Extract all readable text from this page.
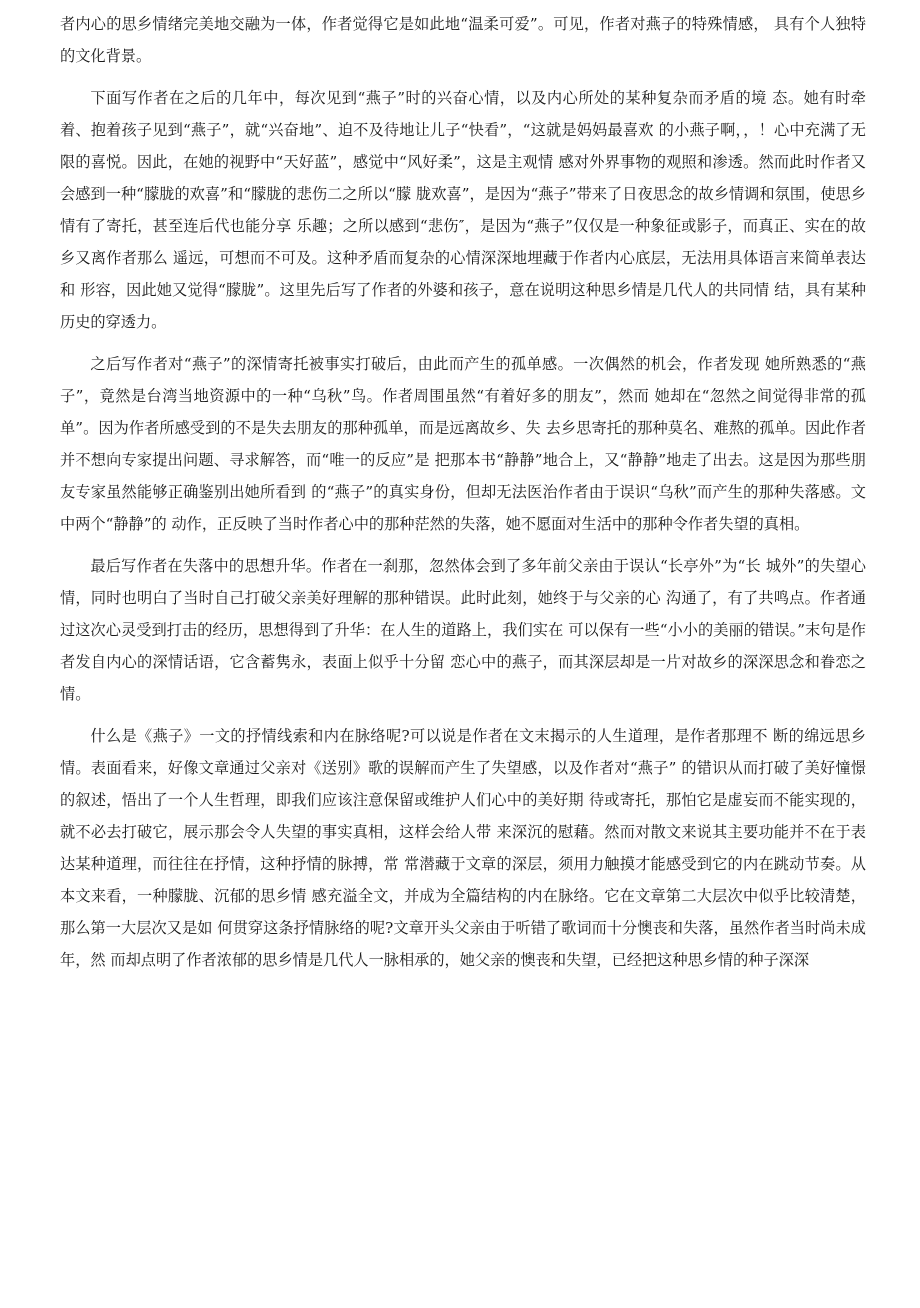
者内心的思乡情绪完美地交融为一体，作者觉得它是如此地“温柔可爱”。可见，作者对燕子的特殊情感， 具有个人独特的文化背景。

下面写作者在之后的几年中，每次见到“燕子”时的兴奋心情，以及内心所处的某种复杂而矛盾的境 态。她有时牵着、抱着孩子见到“燕子”，就“兴奋地”、迫不及待地让儿子“快看”，“这就是妈妈最喜欢 的小燕子啊，，！心中充满了无限的喜悦。因此，在她的视野中“天好蓝”，感觉中“风好柔”，这是主观情 感对外界事物的观照和渗透。然而此时作者又会感到一种“朦胧的欢喜”和“朦胧的悲伤二之所以“朦 胧欢喜”，是因为“燕子”带来了日夜思念的故乡情调和氛围，使思乡情有了寄托，甚至连后代也能分享 乐趣；之所以感到“悲伤″，是因为“燕子”仅仅是一种象征或影子，而真正、实在的故乡又离作者那么 遥远，可想而不可及。这种矛盾而复杂的心情深深地埋藏于作者内心底层，无法用具体语言来简单表达和 形容，因此她又觉得“朦胧”。这里先后写了作者的外婆和孩子，意在说明这种思乡情是几代人的共同情 结，具有某种历史的穿透力。

之后写作者对“燕子”的深情寄托被事实打破后，由此而产生的孤单感。一次偶然的机会，作者发现 她所熟悉的“燕子”，竟然是台湾当地资源中的一种“乌秋”鸟。作者周围虽然“有着好多的朋友”，然而 她却在“忽然之间觉得非常的孤单”。因为作者所感受到的不是失去朋友的那种孤单，而是远离故乡、失 去乡思寄托的那种莫名、难熬的孤单。因此作者并不想向专家提出问题、寻求解答，而“唯一的反应”是 把那本书“静静”地合上，又“静静”地走了出去。这是因为那些朋友专家虽然能够正确鉴别出她所看到 的“燕子”的真实身份，但却无法医治作者由于误识“乌秋”而产生的那种失落感。文中两个“静静”的 动作，正反映了当时作者心中的那种茫然的失落，她不愿面对生活中的那种令作者失望的真相。

最后写作者在失落中的思想升华。作者在一刹那，忽然体会到了多年前父亲由于误认“长亭外”为“长 城外”的失望心情，同时也明白了当时自己打破父亲美好理解的那种错误。此时此刻，她终于与父亲的心 沟通了，有了共鸣点。作者通过这次心灵受到打击的经历，思想得到了升华：在人生的道路上，我们实在 可以保有一些“小小的美丽的错误。”末句是作者发自内心的深情话语，它含蓄隽永，表面上似乎十分留 恋心中的燕子，而其深层却是一片对故乡的深深思念和眷恋之情。

什么是《燕子》一文的抒情线索和内在脉络呢?可以说是作者在文末揭示的人生道理，是作者那理不 断的绵远思乡情。表面看来，好像文章通过父亲对《送别》歌的误解而产生了失望感，以及作者对“燕子” 的错识从而打破了美好憧憬的叙述，悟出了一个人生哲理，即我们应该注意保留或维护人们心中的美好期 待或寄托，那怕它是虚妄而不能实现的，就不必去打破它，展示那会令人失望的事实真相，这样会给人带 来深沉的慰藉。然而对散文来说其主要功能并不在于表达某种道理，而往往在抒情，这种抒情的脉搏，常 常潜藏于文章的深层，须用力触摸才能感受到它的内在跳动节奏。从本文来看，一种朦胧、沉郁的思乡情 感充溢全文，并成为全篇结构的内在脉络。它在文章第二大层次中似乎比较清楚，那么第一大层次又是如 何贯穿这条抒情脉络的呢?文章开头父亲由于听错了歌词而十分懊丧和失落，虽然作者当时尚未成年，然 而却点明了作者浓郁的思乡情是几代人一脉相承的，她父亲的懊丧和失望，已经把这种思乡情的种子深深
